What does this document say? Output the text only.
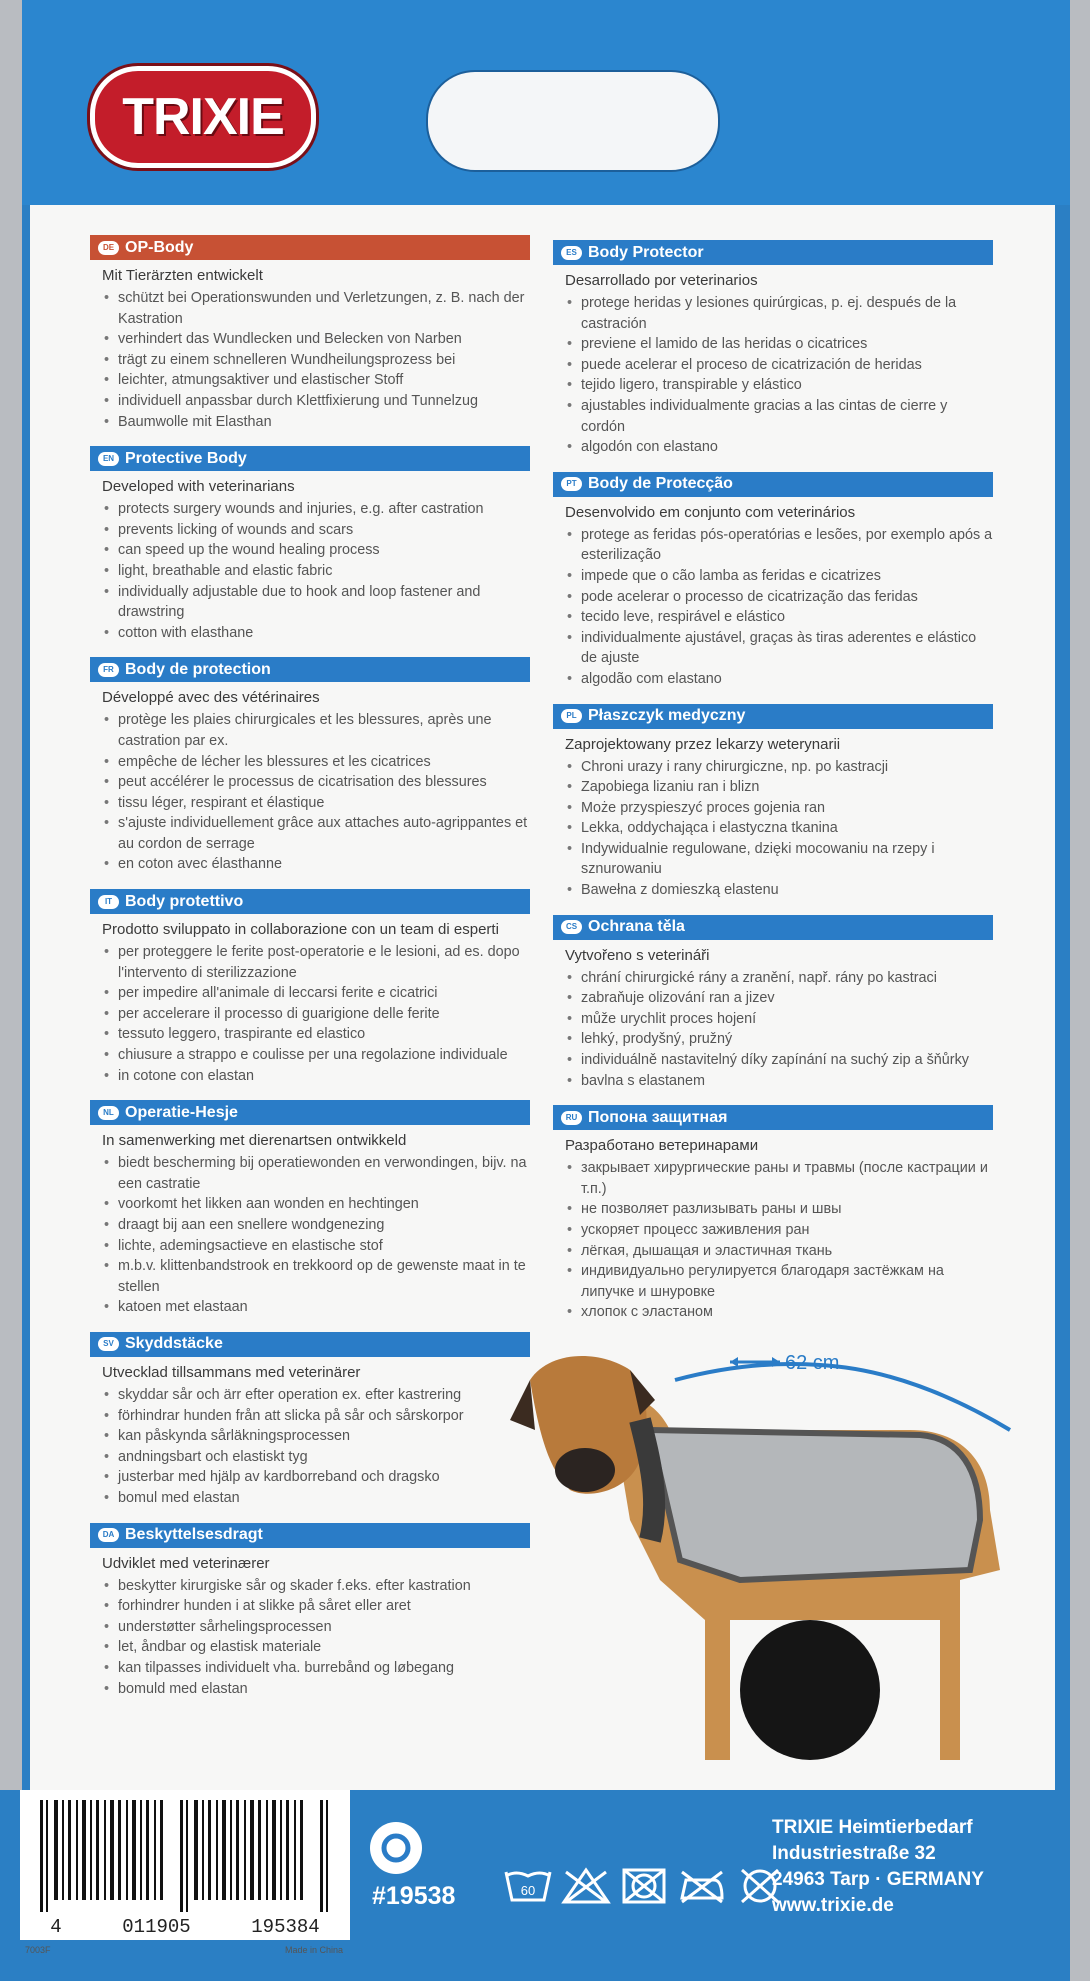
TRIXIE
DE OP-Body
Mit Tierärzten entwickelt
• schützt bei Operationswunden und Verletzungen, z. B. nach der Kastration
• verhindert das Wundlecken und Belecken von Narben
• trägt zu einem schnelleren Wundheilungsprozess bei
• leichter, atmungsaktiver und elastischer Stoff
• individuell anpassbar durch Klettfixierung und Tunnelzug
• Baumwolle mit Elasthan
EN Protective Body
Developed with veterinarians
• protects surgery wounds and injuries, e.g. after castration
• prevents licking of wounds and scars
• can speed up the wound healing process
• light, breathable and elastic fabric
• individually adjustable due to hook and loop fastener and drawstring
• cotton with elasthane
FR Body de protection
Développé avec des vétérinaires
• protège les plaies chirurgicales et les blessures, après une castration par ex.
• empêche de lécher les blessures et les cicatrices
• peut accélérer le processus de cicatrisation des blessures
• tissu léger, respirant et élastique
• s'ajuste individuellement grâce aux attaches auto-agrippantes et au cordon de serrage
• en coton avec élasthanne
IT Body protettivo
Prodotto sviluppato in collaborazione con un team di esperti
• per proteggere le ferite post-operatorie e le lesioni, ad es. dopo l'intervento di sterilizzazione
• per impedire all'animale di leccarsi ferite e cicatrici
• per accelerare il processo di guarigione delle ferite
• tessuto leggero, traspirante ed elastico
• chiusure a strappo e coulisse per una regolazione individuale
• in cotone con elastan
NL Operatie-Hesje
In samenwerking met dierenartsen ontwikkeld
• biedt bescherming bij operatiewonden en verwondingen, bijv. na een castratie
• voorkomt het likken aan wonden en hechtingen
• draagt bij aan een snellere wondgenezing
• lichte, ademingsactieve en elastische stof
• m.b.v. klittenbandstrook en trekkoord op de gewenste maat in te stellen
• katoen met elastaan
SV Skyddstäcke
Utvecklad tillsammans med veterinärer
• skyddar sår och ärr efter operation ex. efter kastrering
• förhindrar hunden från att slicka på sår och sårskorpor
• kan påskynda sårläkningsprocessen
• andningsbart och elastiskt tyg
• justerbar med hjälp av kardborreband och dragsko
• bomul med elastan
DA Beskyttelsesdragt
Udviklet med veterinærer
• beskytter kirurgiske sår og skader f.eks. efter kastration
• forhindrer hunden i at slikke på såret eller aret
• understøtter sårhelingsprocessen
• let, åndbar og elastisk materiale
• kan tilpasses individuelt vha. burrebånd og løbegang
• bomuld med elastan
ES Body Protector
Desarrollado por veterinarios
• protege heridas y lesiones quirúrgicas, p. ej. después de la castración
• previene el lamido de las heridas o cicatrices
• puede acelerar el proceso de cicatrización de heridas
• tejido ligero, transpirable y elástico
• ajustables individualmente gracias a las cintas de cierre y cordón
• algodón con elastano
PT Body de Protecção
Desenvolvido em conjunto com veterinários
• protege as feridas pós-operatórias e lesões, por exemplo após a esterilização
• impede que o cão lamba as feridas e cicatrizes
• pode acelerar o processo de cicatrização das feridas
• tecido leve, respirável e elástico
• individualmente ajustável, graças às tiras aderentes e elástico de ajuste
• algodão com elastano
PL Płaszczyk medyczny
Zaprojektowany przez lekarzy weterynarii
• Chroni urazy i rany chirurgiczne, np. po kastracji
• Zapobiega lizaniu ran i blizn
• Może przyspieszyć proces gojenia ran
• Lekka, oddychająca i elastyczna tkanina
• Indywidualnie regulowane, dzięki mocowaniu na rzepy i sznurowaniu
• Bawełna z domieszką elastenu
CS Ochrana těla
Vytvořeno s veterináři
• chrání chirurgické rány a zranění, např. rány po kastraci
• zabraňuje olizování ran a jizev
• může urychlit proces hojení
• lehký, prodyšný, pružný
• individuálně nastavitelný díky zapínání na suchý zip a šňůrky
• bavlna s elastanem
RU Попона защитная
Разработано ветеринарами
• закрывает хирургические раны и травмы (после кастрации и т.п.)
• не позволяет разлизывать раны и швы
• ускоряет процесс заживления ран
• лёгкая, дышащая и эластичная ткань
• индивидуально регулируется благодаря застёжкам на липучке и шнуровке
• хлопок с эластаном
62 cm
4	011905	195384
7003F	Made in China
#19538	60
TRIXIE Heimtierbedarf
Industriestraße 32
24963 Tarp · GERMANY
www.trixie.de
